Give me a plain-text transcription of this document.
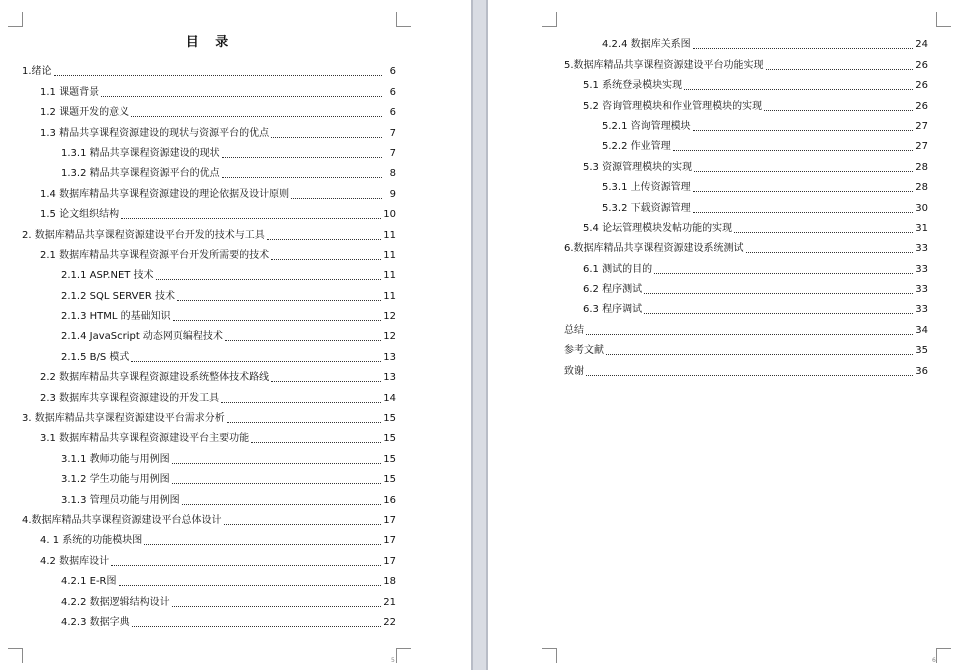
目 录
1.绪论	6
1.1 课题背景	6
1.2 课题开发的意义	6
1.3 精品共享课程资源建设的现状与资源平台的优点	7
1.3.1 精品共享课程资源建设的现状	7
1.3.2 精品共享课程资源平台的优点	8
1.4 数据库精品共享课程资源建设的理论依据及设计原则	9
1.5 论文组织结构	10
2. 数据库精品共享课程资源建设平台开发的技术与工具	11
2.1 数据库精品共享课程资源平台开发所需要的技术	11
2.1.1 ASP.NET 技术	11
2.1.2 SQL SERVER 技术	11
2.1.3 HTML 的基础知识	12
2.1.4 JavaScript 动态网页编程技术	12
2.1.5 B/S 模式	13
2.2 数据库精品共享课程资源建设系统整体技术路线	13
2.3 数据库共享课程资源建设的开发工具	14
3. 数据库精品共享课程资源建设平台需求分析	15
3.1 数据库精品共享课程资源建设平台主要功能	15
3.1.1 教师功能与用例图	15
3.1.2 学生功能与用例图	15
3.1.3 管理员功能与用例图	16
4.数据库精品共享课程资源建设平台总体设计	17
4. 1 系统的功能模块图	17
4.2 数据库设计	17
4.2.1 E-R图	18
4.2.2 数据逻辑结构设计	21
4.2.3 数据字典	22
5
4.2.4 数据库关系图	24
5.数据库精品共享课程资源建设平台功能实现	26
5.1 系统登录模块实现	26
5.2 咨询管理模块和作业管理模块的实现	26
5.2.1 咨询管理模块	27
5.2.2 作业管理	27
5.3 资源管理模块的实现	28
5.3.1 上传资源管理	28
5.3.2 下载资源管理	30
5.4 论坛管理模块发帖功能的实现	31
6.数据库精品共享课程资源建设系统测试	33
6.1 测试的目的	33
6.2 程序测试	33
6.3 程序调试	33
总结	34
参考文献	35
致谢	36
6
